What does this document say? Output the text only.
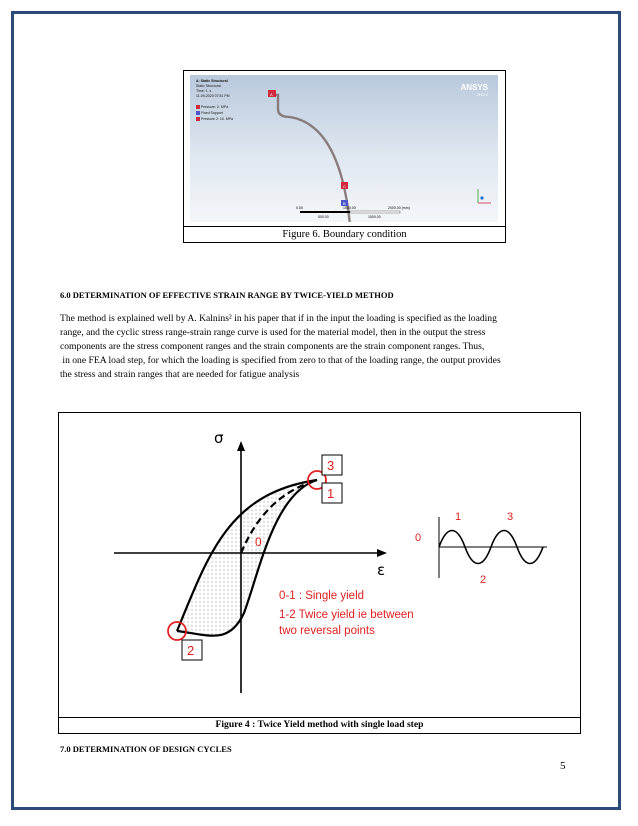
A: Static Structural
Static Structural
Time: 1. s
11-09-2020 07:51 PM
Pressure: 2. MPa
Fixed Support
Pressure 2: 16. MPa
ANSYS
R19.2
A
C
B
0.00	1000.00	2000.00 (mm)
500.00	1500.00
Figure 6. Boundary condition
6.0 DETERMINATION OF EFFECTIVE STRAIN RANGE BY TWICE-YIELD METHOD

The method is explained well by A. Kalnins² in his paper that if in the input the loading is specified as the loading
range, and the cyclic stress range-strain range curve is used for the material model, then in the output the stress
components are the stress component ranges and the strain components are the strain component ranges. Thus,
in one FEA load step, for which the loading is specified from zero to that of the loading range, the output provides
the stress and strain ranges that are needed for fatigue analysis

σ
ε
0
3
1
2
0-1 : Single yield
1-2 Twice yield ie between
two reversal points
0
1	3
2
Figure 4 : Twice Yield method with single load step
7.0 DETERMINATION OF DESIGN CYCLES
5
